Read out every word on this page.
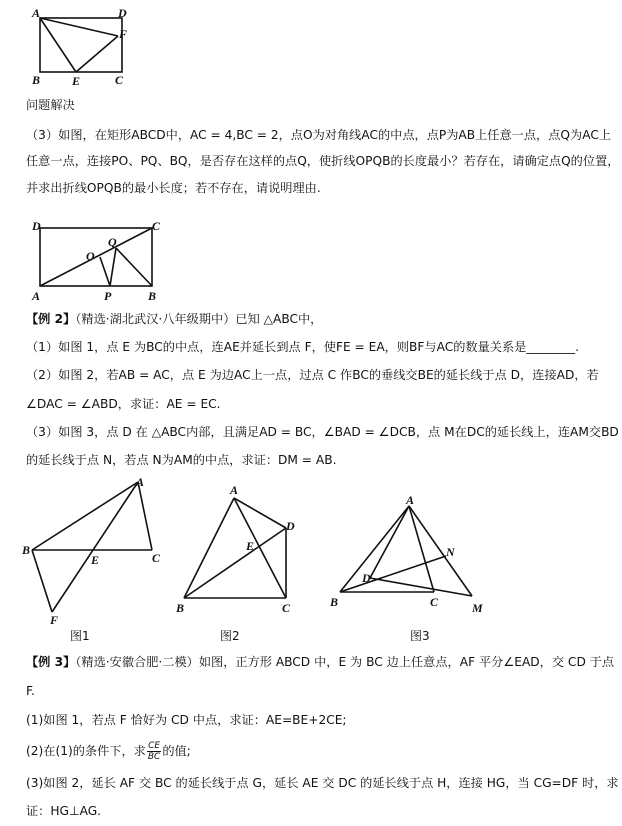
A	D
F
B	E	C
问题解决
（3）如图，在矩形ABCD中，AC = 4,BC = 2，点O为对角线AC的中点，点P为AB上任意一点，点Q为AC上
任意一点，连接PO、PQ、BQ，是否存在这样的点Q，使折线OPQB的长度最小？若存在，请确定点Q的位置，
并求出折线OPQB的最小长度；若不存在，请说明理由.
D	C
Q
O
A	P	B
【例 2】（精选·湖北武汉·八年级期中）已知 △ABC中，
（1）如图 1，点 E 为BC的中点，连AE并延长到点 F，使FE = EA，则BF与AC的数量关系是________.
（2）如图 2，若AB = AC，点 E 为边AC上一点，过点 C 作BC的垂线交BE的延长线于点 D，连接AD，若
∠DAC = ∠ABD，求证：AE = EC.
（3）如图 3，点 D 在 △ABC内部，且满足AD = BC，∠BAD = ∠DCB，点 M在DC的延长线上，连AM交BD
的延长线于点 N，若点 N为AM的中点，求证：DM = AB.
A
B
E	C
F
图1
A
D
E
B	C
图2
A
N
D
B	C	M
图3
【例 3】（精选·安徽合肥·二模）如图，正方形 ABCD 中，E 为 BC 边上任意点，AF 平分∠EAD，交 CD 于点
F.
(1)如图 1，若点 F 恰好为 CD 中点，求证：AE=BE+2CE;
(2)在(1)的条件下，求 $\frac{CE}{BC}$ 的值;
(3)如图 2，延长 AF 交 BC 的延长线于点 G，延长 AE 交 DC 的延长线于点 H，连接 HG，当 CG=DF 时，求
证：HG⊥AG.
